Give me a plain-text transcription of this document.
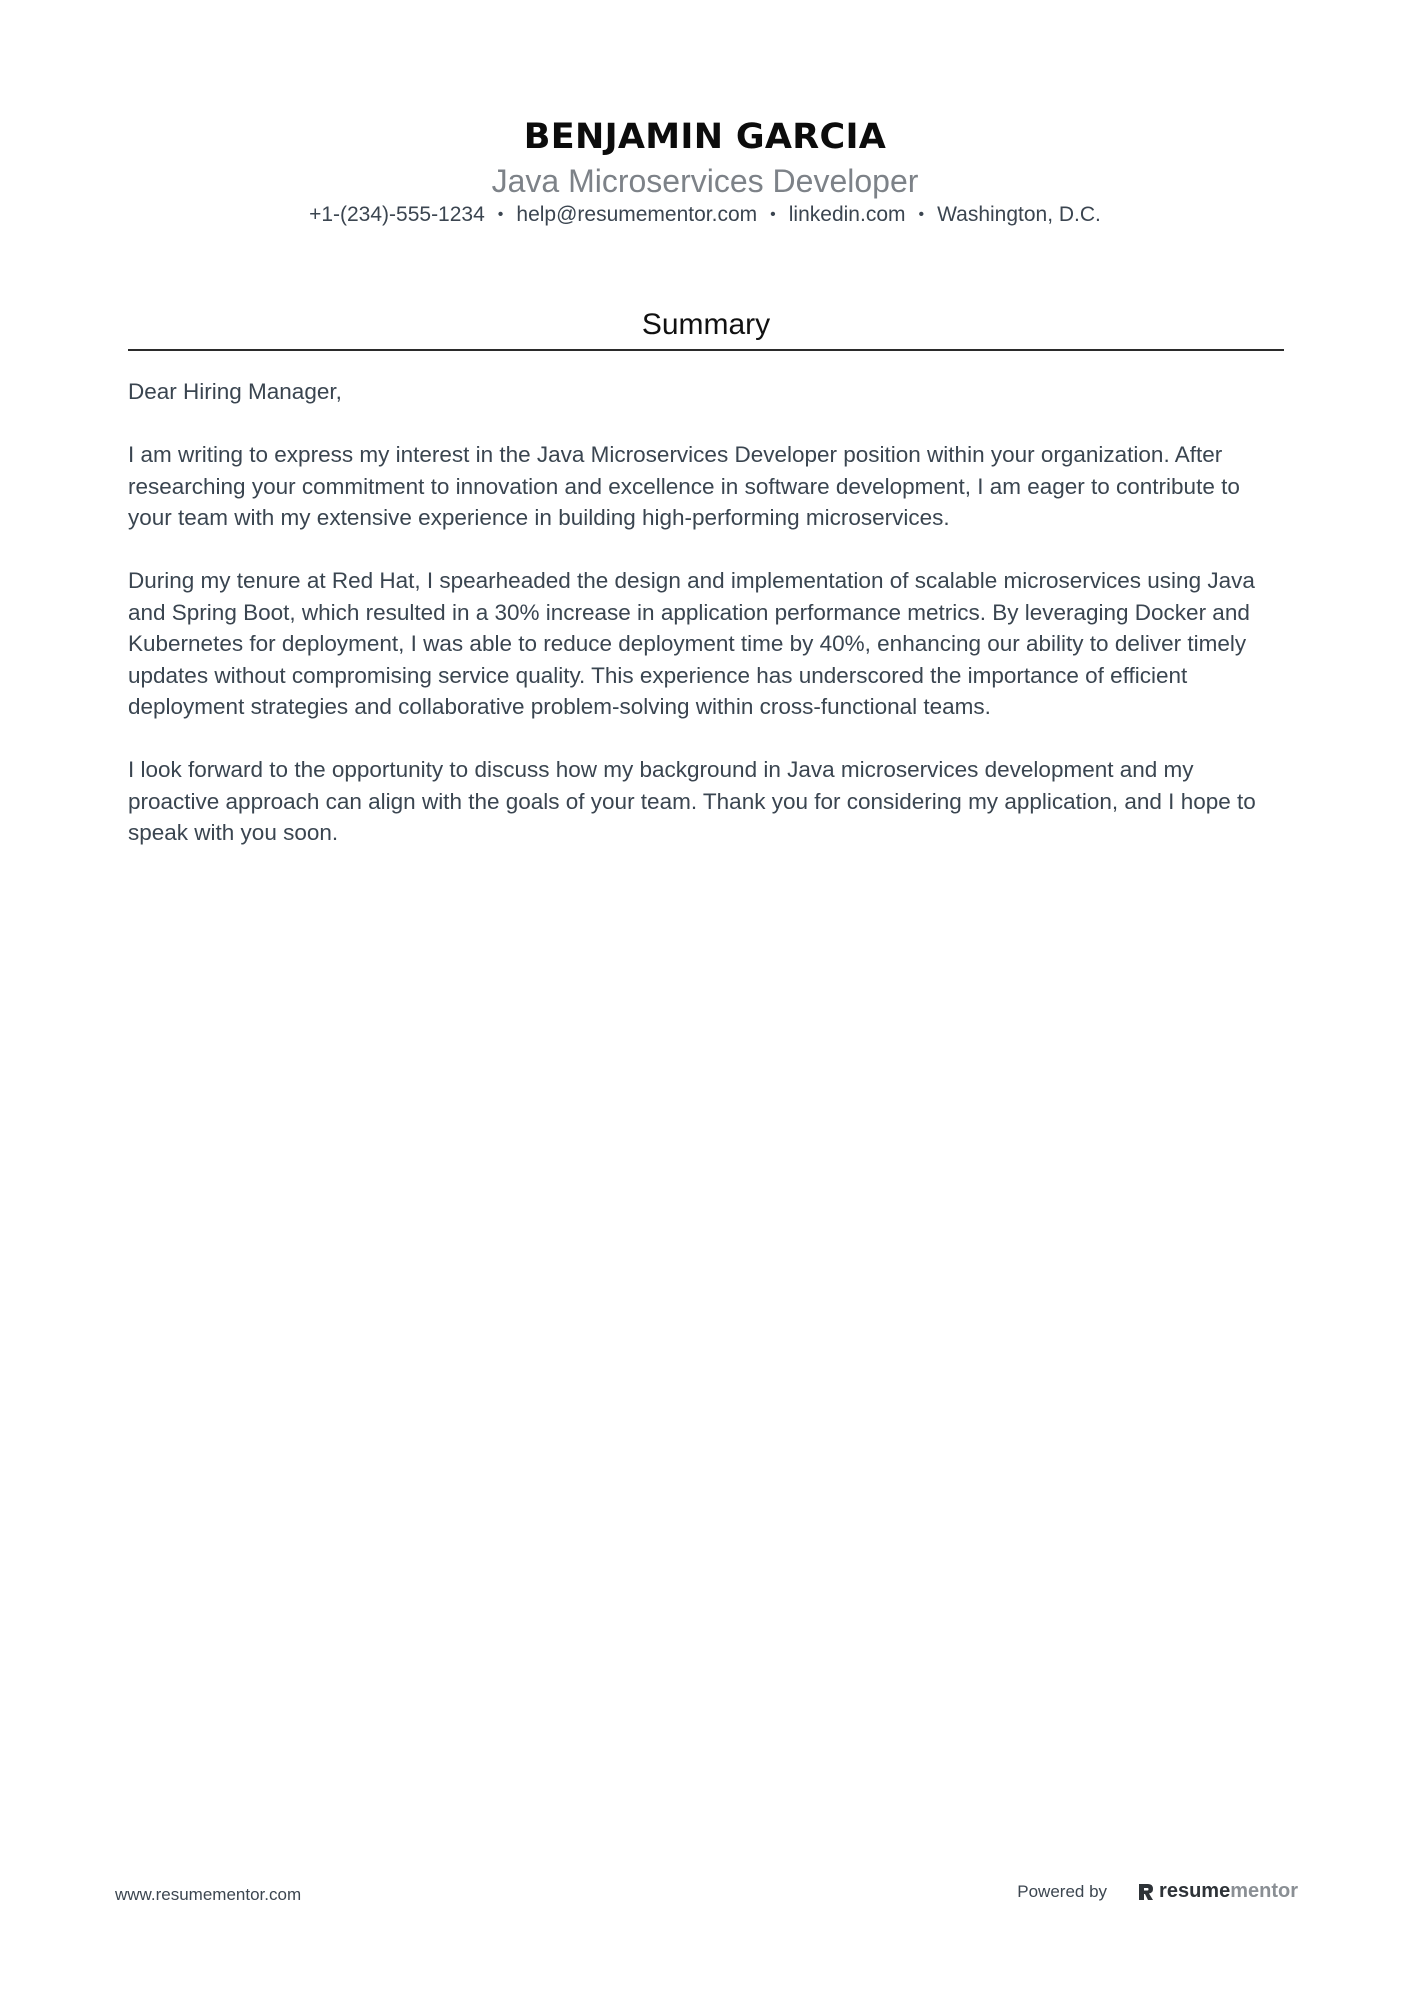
BENJAMIN GARCIA
Java Microservices Developer
+1-(234)-555-1234 • help@resumementor.com • linkedin.com • Washington, D.C.
Summary

Dear Hiring Manager,

I am writing to express my interest in the Java Microservices Developer position within your organization. After researching your commitment to innovation and excellence in software development, I am eager to contribute to your team with my extensive experience in building high-performing microservices.

During my tenure at Red Hat, I spearheaded the design and implementation of scalable microservices using Java and Spring Boot, which resulted in a 30% increase in application performance metrics. By leveraging Docker and Kubernetes for deployment, I was able to reduce deployment time by 40%, enhancing our ability to deliver timely updates without compromising service quality. This experience has underscored the importance of efficient deployment strategies and collaborative problem-solving within cross-functional teams.

I look forward to the opportunity to discuss how my background in Java microservices development and my proactive approach can align with the goals of your team. Thank you for considering my application, and I hope to speak with you soon.

www.resumementor.com	Powered by	resume mentor
